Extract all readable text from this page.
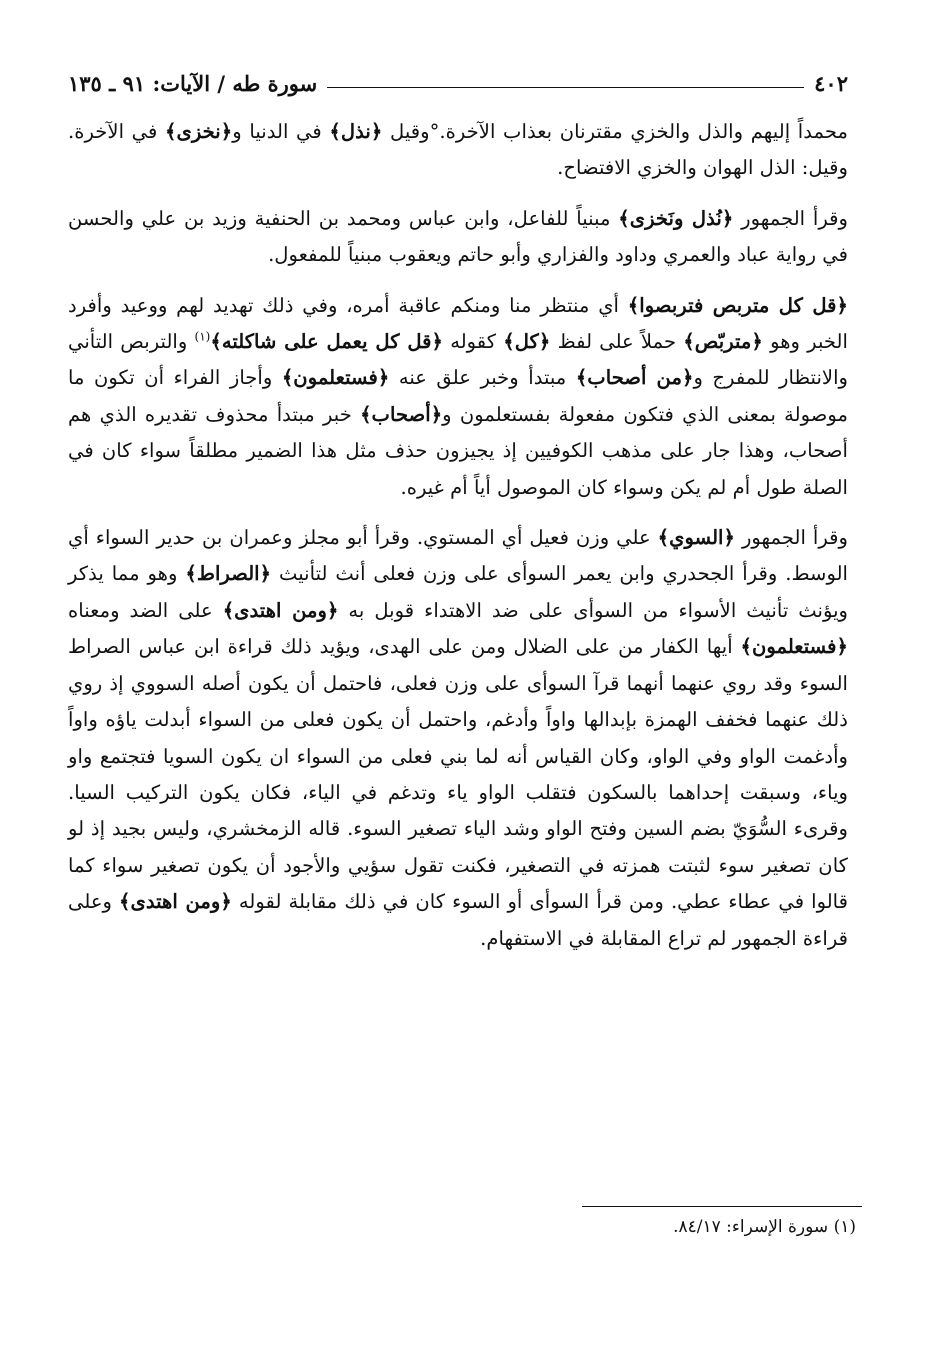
٤٠٢
سورة طه / الآيات: ٩١ ـ ١٣٥

محمداً إليهم والذل والخزي مقترنان بعذاب الآخرة.°وقيل ﴿نذل﴾ في الدنيا و﴿نخزى﴾ في الآخرة. وقيل: الذل الهوان والخزي الافتضاح.

وقرأ الجمهور ﴿نُذل ونَخزى﴾ مبنياً للفاعل، وابن عباس ومحمد بن الحنفية وزيد بن علي والحسن في رواية عباد والعمري وداود والفزاري وأبو حاتم ويعقوب مبنياً للمفعول.

﴿قل كل متربص فتربصوا﴾ أي منتظر منا ومنكم عاقبة أمره، وفي ذلك تهديد لهم ووعيد وأفرد الخبر وهو ﴿متربّص﴾ حملاً على لفظ ﴿كل﴾ كقوله ﴿قل كل يعمل على شاكلته﴾$^{(١)}$ والتربص التأني والانتظار للمفرج و﴿من أصحاب﴾ مبتدأ وخبر علق عنه ﴿فستعلمون﴾ وأجاز الفراء أن تكون ما موصولة بمعنى الذي فتكون مفعولة بفستعلمون و﴿أصحاب﴾ خبر مبتدأ محذوف تقديره الذي هم أصحاب، وهذا جار على مذهب الكوفيين إذ يجيزون حذف مثل هذا الضمير مطلقاً سواء كان في الصلة طول أم لم يكن وسواء كان الموصول أياً أم غيره.

وقرأ الجمهور ﴿السوي﴾ علي وزن فعيل أي المستوي. وقرأ أبو مجلز وعمران بن حدير السواء أي الوسط. وقرأ الجحدري وابن يعمر السوأى على وزن فعلى أنث لتأنيث ﴿الصراط﴾ وهو مما يذكر ويؤنث تأنيث الأسواء من السوأى على ضد الاهتداء قوبل به ﴿ومن اهتدى﴾ على الضد ومعناه ﴿فستعلمون﴾ أيها الكفار من على الضلال ومن على الهدى، ويؤيد ذلك قراءة ابن عباس الصراط السوء وقد روي عنهما أنهما قرآ السوأى على وزن فعلى، فاحتمل أن يكون أصله السووي إذ روي ذلك عنهما فخفف الهمزة بإبدالها واواً وأدغم، واحتمل أن يكون فعلى من السواء أبدلت ياؤه واواً وأدغمت الواو وفي الواو، وكان القياس أنه لما بني فعلى من السواء ان يكون السويا فتجتمع واو وياء، وسبقت إحداهما بالسكون فتقلب الواو ياء وتدغم في الياء، فكان يكون التركيب السيا. وقرىء السُّوَيّ بضم السين وفتح الواو وشد الياء تصغير السوء. قاله الزمخشري، وليس بجيد إذ لو كان تصغير سوء لثبتت همزته في التصغير، فكنت تقول سؤيي والأجود أن يكون تصغير سواء كما قالوا في عطاء عطي. ومن قرأ السوأى أو السوء كان في ذلك مقابلة لقوله ﴿ومن اهتدى﴾ وعلى قراءة الجمهور لم تراع المقابلة في الاستفهام.

(١) سورة الإسراء: ٨٤/١٧.
